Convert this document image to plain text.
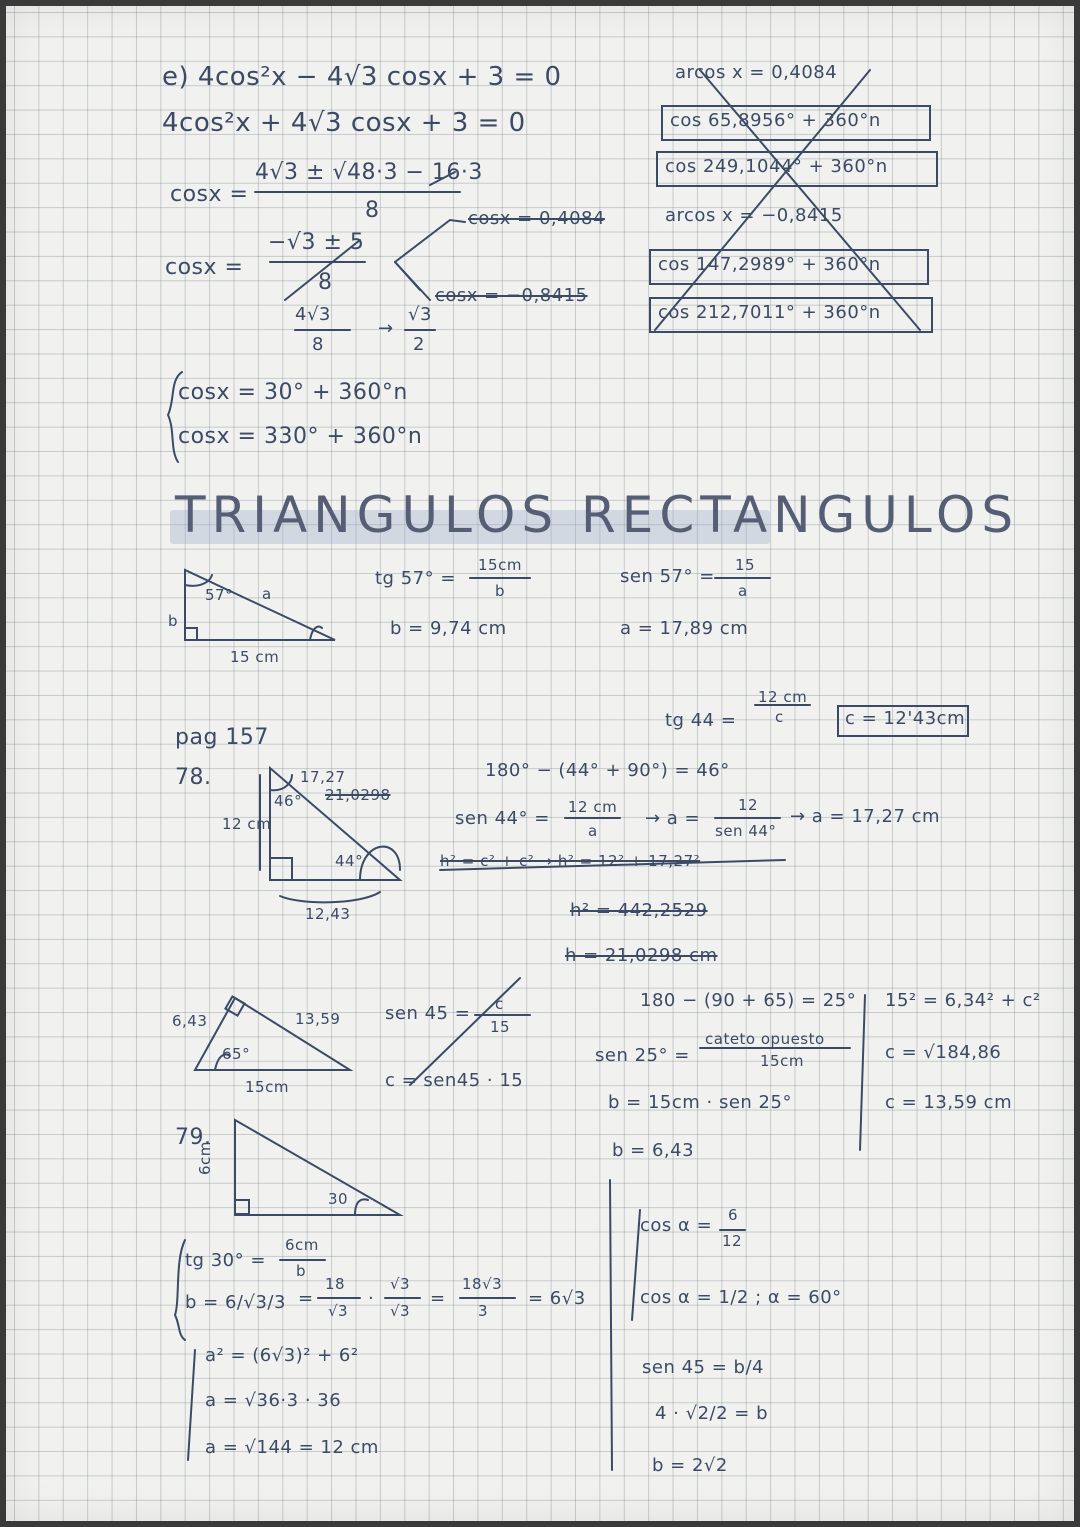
e) 4cos²x − 4√3 cosx + 3 = 0
4cos²x + 4√3 cosx + 3 = 0
cosx =
4√3 ± √48·3 − 16·3
8
cosx =
−√3 ± 5
8
4√3
8
→
√3
2
cosx = 0,4084
cosx = −0,8415
cosx = 30° + 360°n
cosx = 330° + 360°n
arcos x = 0,4084
cos 65,8956° + 360°n
cos 249,1044° + 360°n
arcos x = −0,8415
cos 147,2989° + 360°n
cos 212,7011° + 360°n
TRIANGULOS RECTANGULOS
57° a
b
15 cm
tg 57° =
15cm
b
b = 9,74 cm
sen 57° =
15
a
a = 17,89 cm
pag 157
78.	17,27
21,0298
46°
12 cm
44°
12,43
tg 44 =
12 cm
c	c = 12'43cm
180° − (44° + 90°) = 46°
sen 44° =
12 cm
a
→ a =
12
sen 44°
→ a = 17,27 cm
h² = c² + c² → h² = 12² + 17,27²
h² = 442,2529
h = 21,0298 cm
6,43	13,59
65°
15cm
sen 45 = c
15
c = sen45 · 15
180 − (90 + 65) = 25°
sen 25° =
cateto opuesto
15cm
b = 15cm · sen 25°
b = 6,43
15² = 6,34² + c²
c = √184,86
c = 13,59 cm
79.
6cm
30
tg 30° =
6cm
b
b = 6/√3/3 =
18
√3
·
√3
√3
=
18√3
3
= 6√3
a² = (6√3)² + 6²
a = √36·3 · 36
a = √144 = 12 cm
cos α = 6
12
cos α = 1/2 ; α = 60°
sen 45 = b/4
4 · √2/2 = b
b = 2√2
